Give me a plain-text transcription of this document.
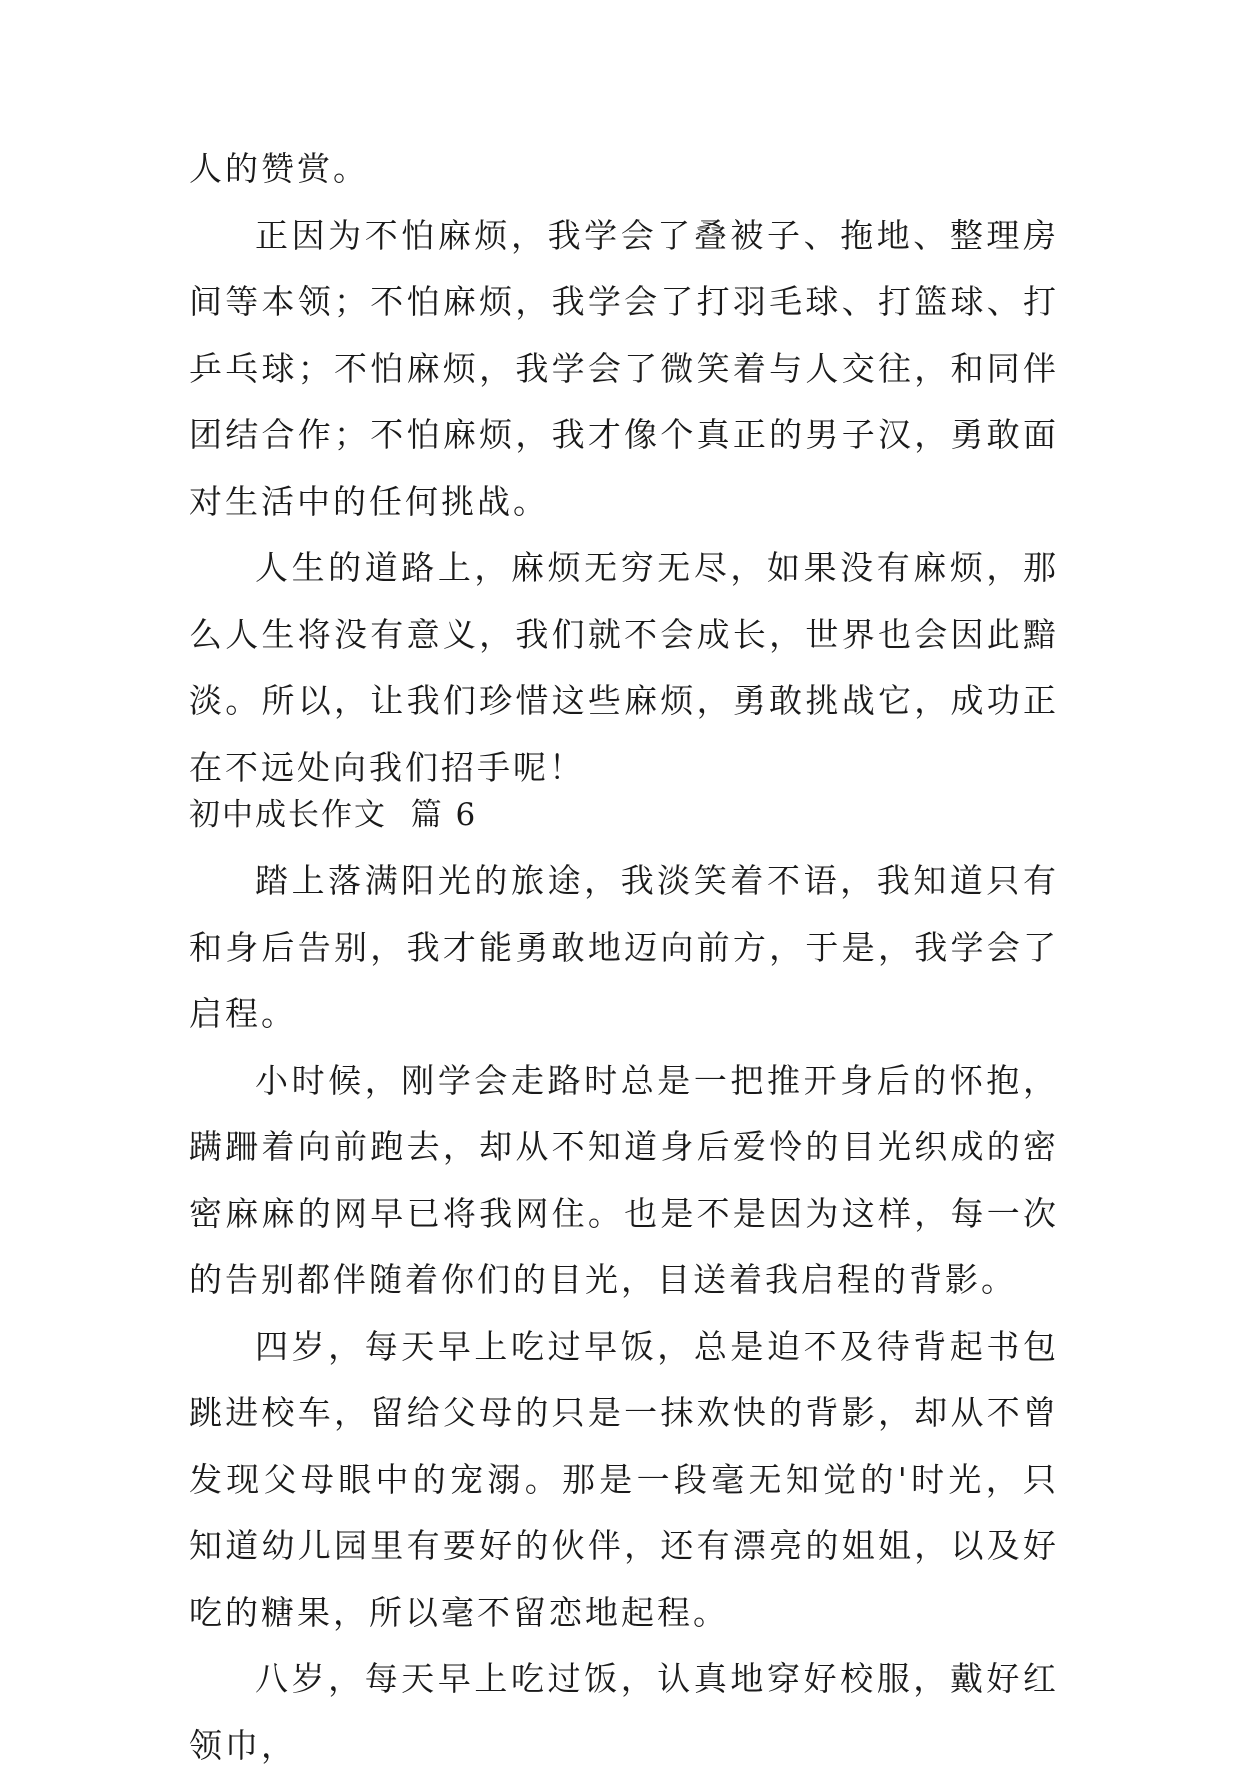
人的赞赏。

正因为不怕麻烦，我学会了叠被子、拖地、整理房间等本领；不怕麻烦，我学会了打羽毛球、打篮球、打乒乓球；不怕麻烦，我学会了微笑着与人交往，和同伴团结合作；不怕麻烦，我才像个真正的男子汉，勇敢面对生活中的任何挑战。

人生的道路上，麻烦无穷无尽，如果没有麻烦，那么人生将没有意义，我们就不会成长，世界也会因此黯淡。所以，让我们珍惜这些麻烦，勇敢挑战它，成功正在不远处向我们招手呢！

初中成长作文  篇 6

踏上落满阳光的旅途，我淡笑着不语，我知道只有和身后告别，我才能勇敢地迈向前方，于是，我学会了启程。

小时候，刚学会走路时总是一把推开身后的怀抱，蹒跚着向前跑去，却从不知道身后爱怜的目光织成的密密麻麻的网早已将我网住。也是不是因为这样，每一次的告别都伴随着你们的目光，目送着我启程的背影。

四岁，每天早上吃过早饭，总是迫不及待背起书包跳进校车，留给父母的只是一抹欢快的背影，却从不曾发现父母眼中的宠溺。那是一段毫无知觉的'时光，只知道幼儿园里有要好的伙伴，还有漂亮的姐姐，以及好吃的糖果，所以毫不留恋地起程。

八岁，每天早上吃过饭，认真地穿好校服，戴好红领巾，
